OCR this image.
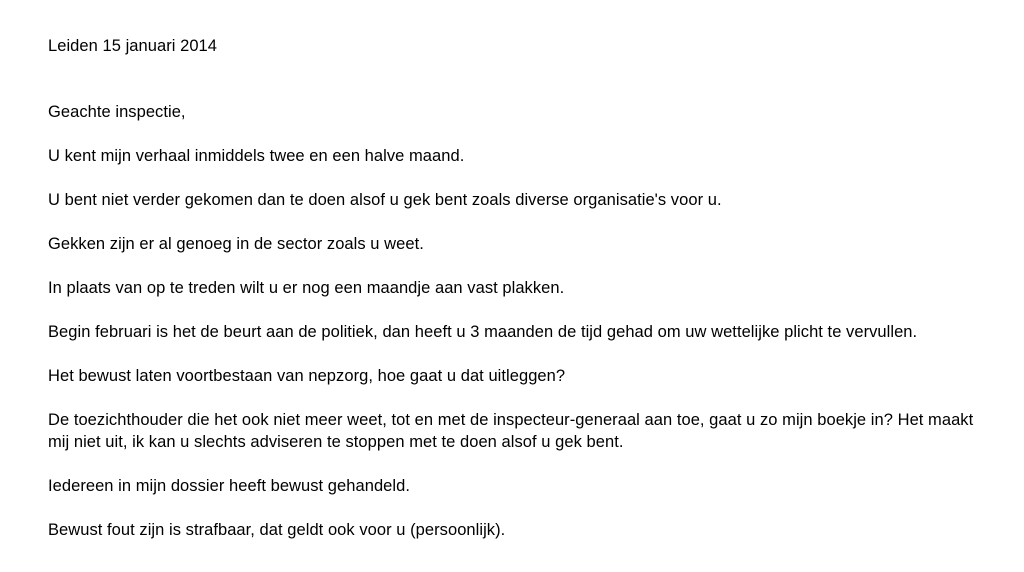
Leiden 15 januari 2014

Geachte inspectie,

U kent mijn verhaal inmiddels twee en een halve maand.

U bent niet verder gekomen dan te doen alsof u gek bent zoals diverse organisatie's voor u.

Gekken zijn er al genoeg in de sector zoals u weet.

In plaats van op te treden wilt u er nog een maandje aan vast plakken.

Begin februari is het de beurt aan de politiek, dan heeft u 3 maanden de tijd gehad om uw wettelijke plicht te vervullen.

Het bewust laten voortbestaan van nepzorg, hoe gaat u dat uitleggen?

De toezichthouder die het ook niet meer weet, tot en met de inspecteur-generaal aan toe, gaat u zo mijn boekje in? Het maakt mij niet uit, ik kan u slechts adviseren te stoppen met te doen alsof u gek bent.

Iedereen in mijn dossier heeft bewust gehandeld.

Bewust fout zijn is strafbaar, dat geldt ook voor u (persoonlijk).
